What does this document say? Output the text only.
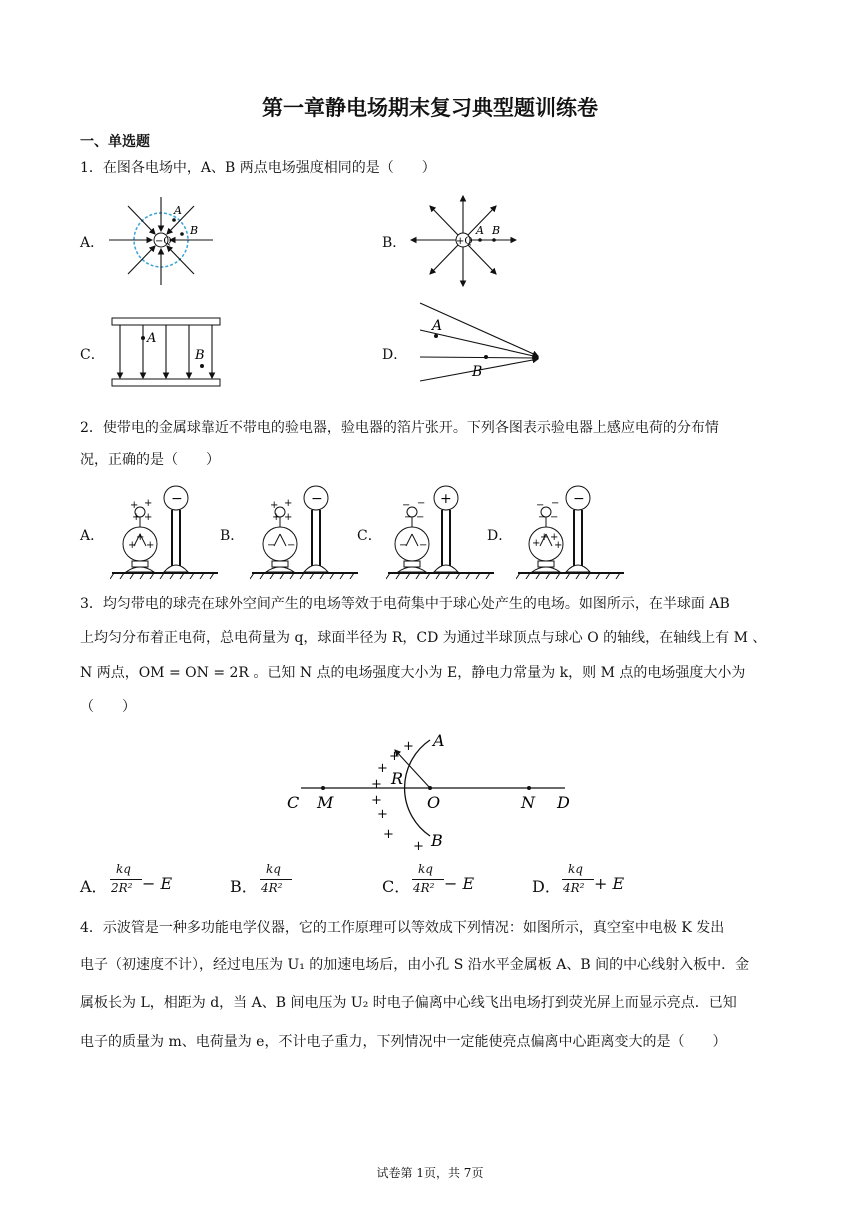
第一章静电场期末复习典型题训练卷
一、单选题
1．在图各电场中，A、B 两点电场强度相同的是（　　）
A．
A
B
−Q	B．
A B
+Q
C．
A
B	D．
A
B
2．使带电的金属球靠近不带电的验电器，验电器的箔片张开。下列各图表示验电器上感应电荷的分布情
况，正确的是（　　）
A．
−
+ +
+ +
+ +
+	B．
−
+ +
+ +
− −
C．
+
− −
− −
− −
D．
−
− −
− −
+
+ +
+
3．均匀带电的球壳在球外空间产生的电场等效于电荷集中于球心处产生的电场。如图所示，在半球面 AB
上均匀分布着正电荷，总电荷量为 q，球面半径为 R，CD 为通过半球顶点与球心 O 的轴线，在轴线上有 M 、
N 两点，OM = ON = 2R 。已知 N 点的电场强度大小为 E，静电力常量为 k，则 M 点的电场强度大小为
（　　）
C M	O	N D
A
B
R
+
+
+
+
+
+
+
+
A．
kq
2R² − E	B．
kq
4R²	C．
kq
4R² − E	D．
kq
4R² + E
4．示波管是一种多功能电学仪器，它的工作原理可以等效成下列情况：如图所示，真空室中电极 K 发出
电子（初速度不计），经过电压为 U₁ 的加速电场后，由小孔 S 沿水平金属板 A、B 间的中心线射入板中．金
属板长为 L，相距为 d，当 A、B 间电压为 U₂ 时电子偏离中心线飞出电场打到荧光屏上而显示亮点．已知
电子的质量为 m、电荷量为 e，不计电子重力，下列情况中一定能使亮点偏离中心距离变大的是（　　）
试卷第 1页，共 7页
